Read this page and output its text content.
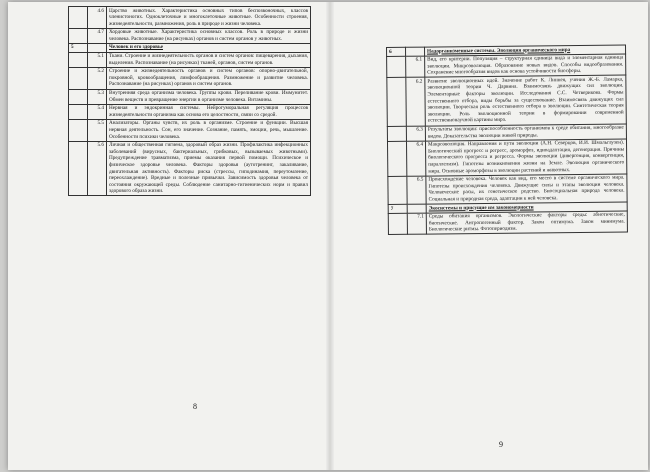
	4.6	Царство животных. Характеристика основных типов беспозвоночных, классов членистоногих. Одноклеточные и многоклеточные животные. Особенности строения, жизнедеятельности, размножения, роль в природе и жизни человека.
	4.7	Хордовые животные. Характеристика основных классов. Роль в природе и жизни человека. Распознавание (на рисунках) органов и систем органов у животных.
5		Человек и его здоровье
	5.1	Ткани. Строение и жизнедеятельность органов и систем органов: пищеварения, дыхания, выделения. Распознавание (на рисунках) тканей, органов, систем органов.
	5.2	Строение и жизнедеятельность органов и систем органов: опорно-двигательной, покровной, кровообращения, лимфообращения. Размножение и развитие человека. Распознавание (на рисунках) органов и систем органов.
	5.3	Внутренняя среда организма человека. Группы крови. Переливание крови. Иммунитет. Обмен веществ и превращение энергии в организме человека. Витамины.
	5.4	Нервная и эндокринная системы. Нейрогуморальная регуляция процессов жизнедеятельности организма как основа его целостности, связи со средой.
	5.5	Анализаторы. Органы чувств, их роль в организме. Строение и функции. Высшая нервная деятельность. Сон, его значение. Сознание, память, эмоции, речь, мышление. Особенности психики человека.
	5.6	Личная и общественная гигиена, здоровый образ жизни. Профилактика инфекционных заболеваний (вирусных, бактериальных, грибковых, вызываемых животными). Предупреждение травматизма, приемы оказания первой помощи. Психическое и физическое здоровье человека. Факторы здоровья (аутотренинг, закаливание, двигательная активность). Факторы риска (стрессы, гиподинамия, переутомление, переохлаждение). Вредные и полезные привычки. Зависимость здоровья человека от состояния окружающей среды. Соблюдение санитарно-гигиенических норм и правил здорового образа жизни.
8
6		Надорганизменные системы. Эволюция органического мира
	6.1	Вид, его критерии. Популяция – структурная единица вида и элементарная единица эволюции. Микроэволюция. Образование новых видов. Способы видообразования. Сохранение многообразия видов как основа устойчивости биосферы.
	6.2	Развитие эволюционных идей. Значение работ К. Линнея, учения Ж.-Б. Ламарка, эволюционной теории Ч. Дарвина. Взаимосвязь движущих сил эволюции. Элементарные факторы эволюции. Исследования С.С. Четверикова. Формы естественного отбора, виды борьбы за существование. Взаимосвязь движущих сил эволюции. Творческая роль естественного отбора в эволюции. Синтетическая теория эволюции. Роль эволюционной теории в формировании современной естественнонаучной картины мира.
	6.3	Результаты эволюции: приспособленность организмов к среде обитания, многообразие видов. Доказательства эволюции живой природы.
	6.4	Макроэволюция. Направления и пути эволюции (А.Н. Северцов, И.И. Шмальгаузен). Биологический прогресс и регресс, ароморфоз, идиоадаптация, дегенерация. Причины биологического прогресса и регресса. Формы эволюции (дивергенция, конвергенция, параллелизм). Гипотезы возникновения жизни на Земле. Эволюция органического мира. Основные ароморфозы в эволюции растений и животных.
	6.5	Происхождение человека. Человек как вид, его место в системе органического мира. Гипотезы происхождения человека. Движущие силы и этапы эволюции человека. Человеческие расы, их генетическое родство. Биосоциальная природа человека. Социальная и природная среда, адаптации к ней человека.
7		Экосистемы и присущие им закономерности
	7.1	Среды обитания организмов. Экологические факторы среды: абиотические, биотические. Антропогенный фактор. Закон оптимума. Закон минимума. Биологические ритмы. Фотопериодизм.
9
